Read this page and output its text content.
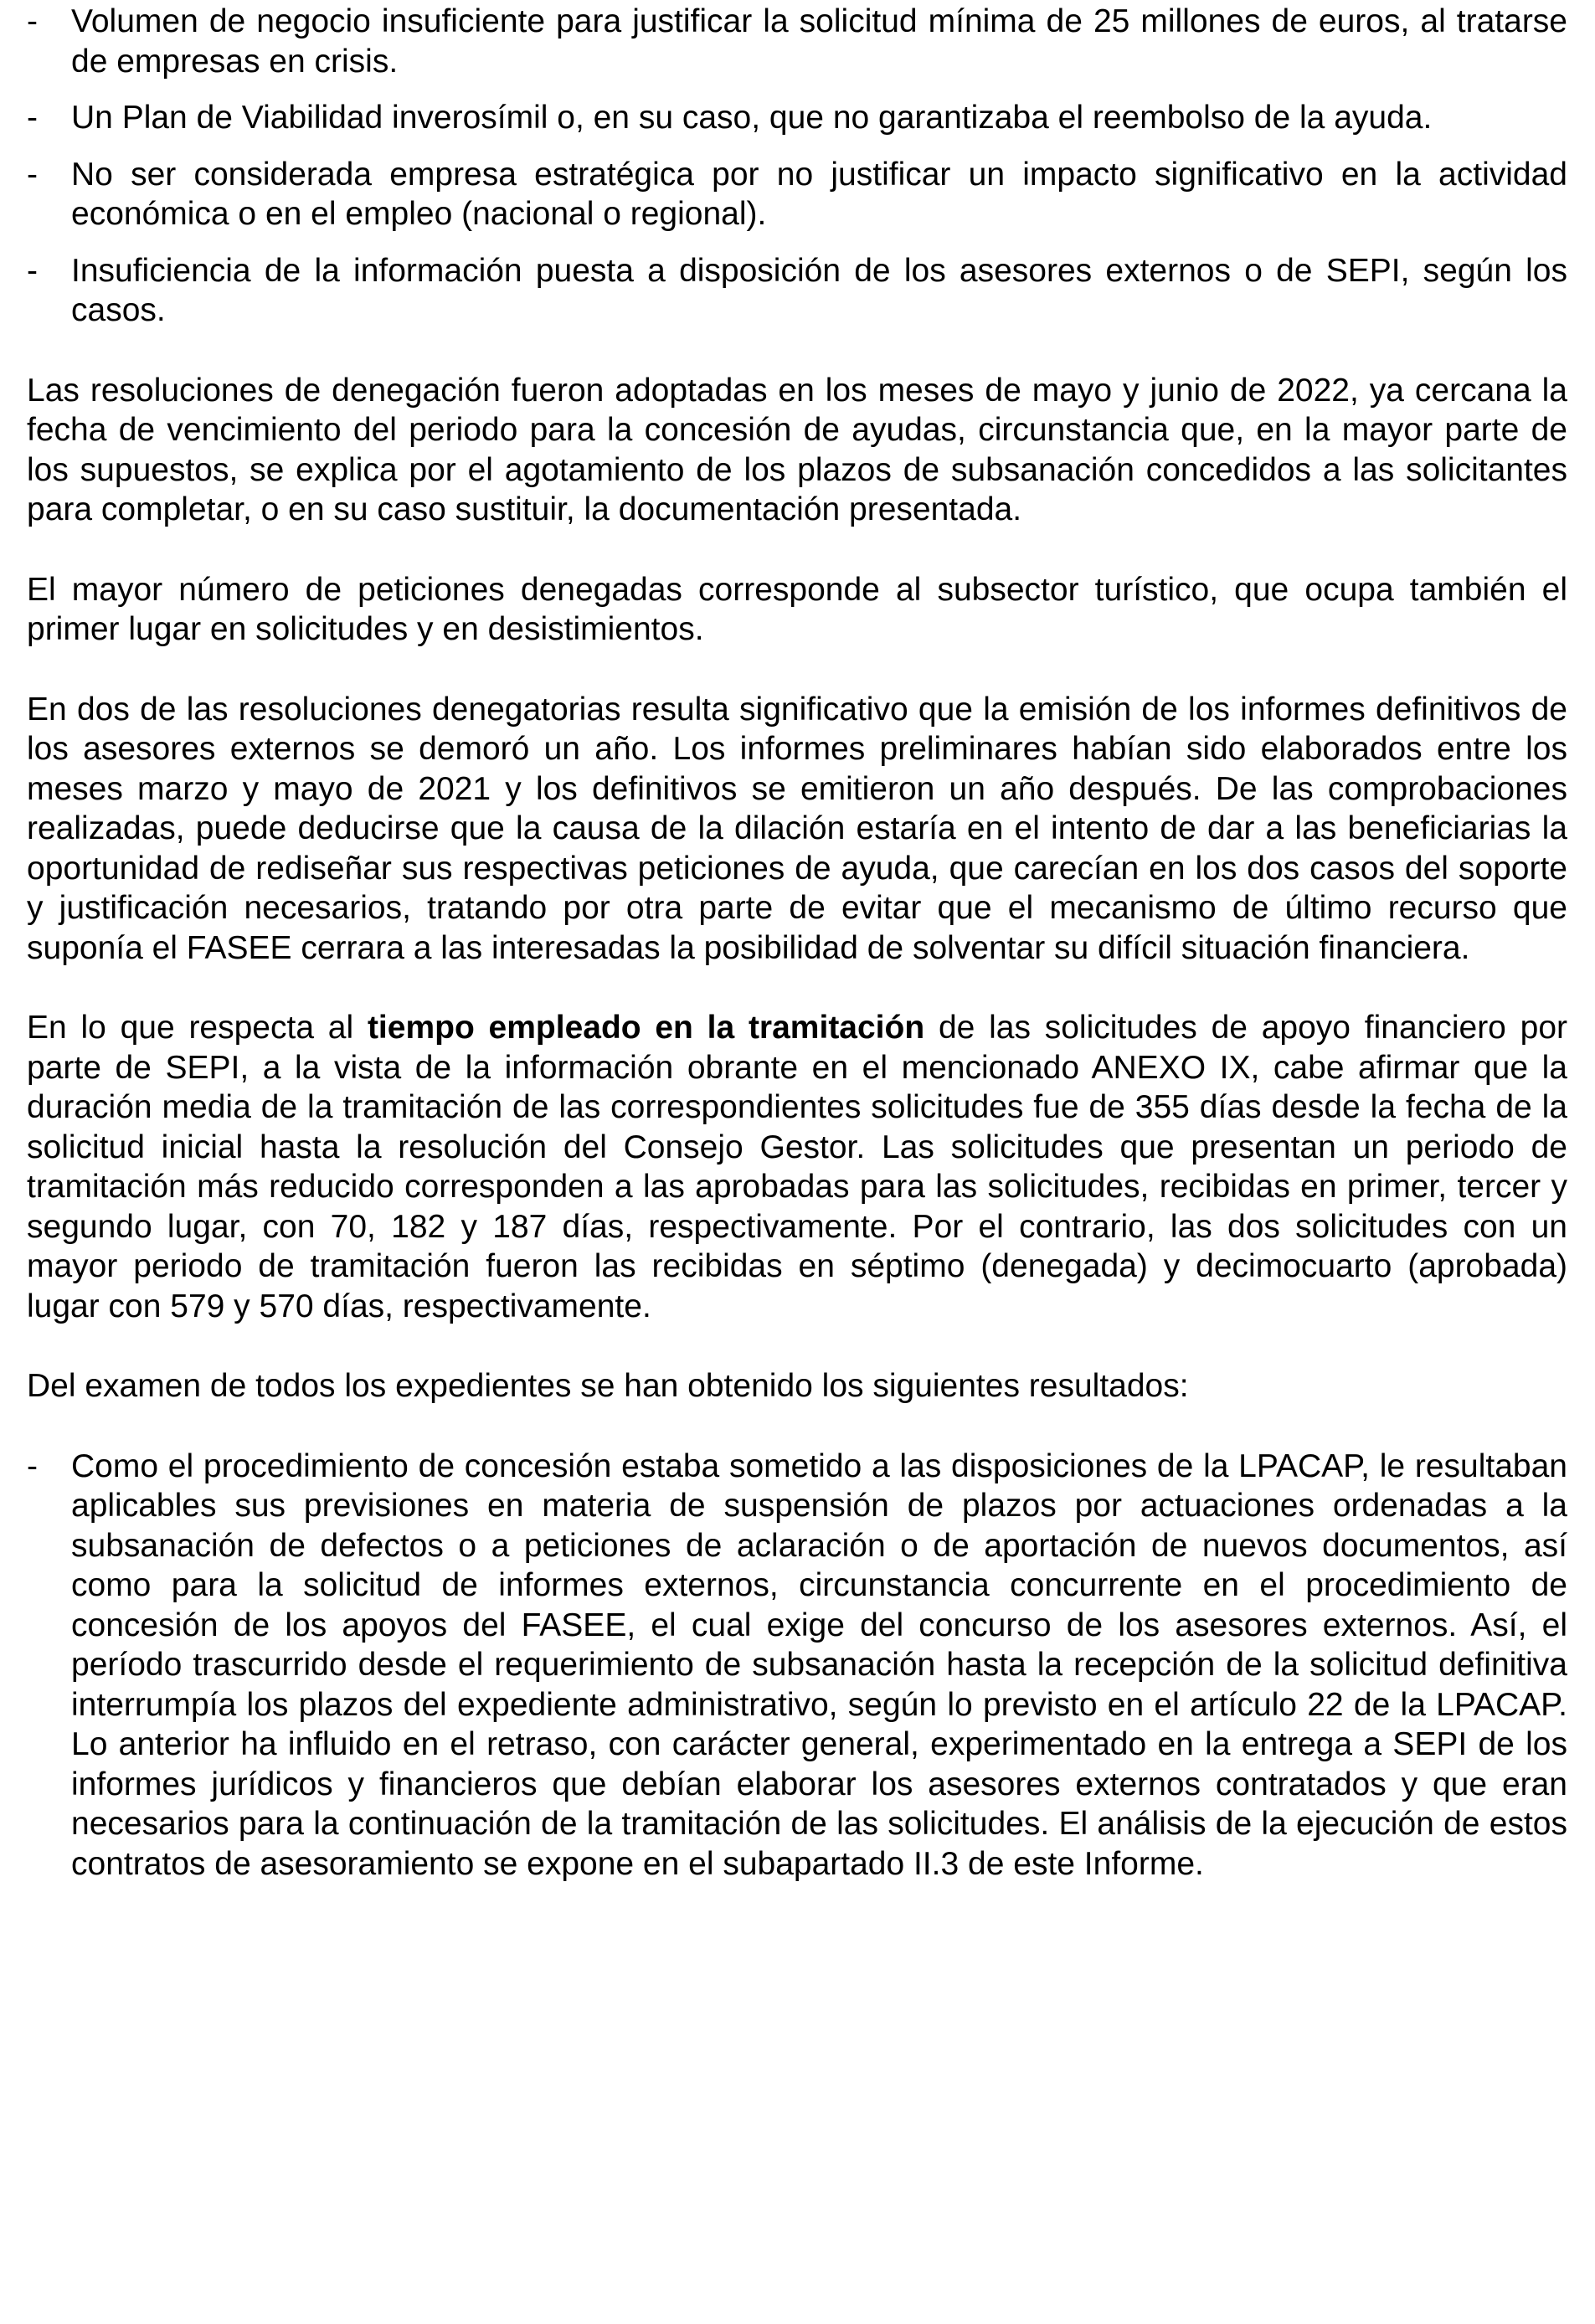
- Volumen de negocio insuficiente para justificar la solicitud mínima de 25 millones de euros, al tratarse de empresas en crisis.
- Un Plan de Viabilidad inverosímil o, en su caso, que no garantizaba el reembolso de la ayuda.
- No ser considerada empresa estratégica por no justificar un impacto significativo en la actividad económica o en el empleo (nacional o regional).
- Insuficiencia de la información puesta a disposición de los asesores externos o de SEPI, según los casos.

Las resoluciones de denegación fueron adoptadas en los meses de mayo y junio de 2022, ya cercana la fecha de vencimiento del periodo para la concesión de ayudas, circunstancia que, en la mayor parte de los supuestos, se explica por el agotamiento de los plazos de subsanación concedidos a las solicitantes para completar, o en su caso sustituir, la documentación presentada.

El mayor número de peticiones denegadas corresponde al subsector turístico, que ocupa también el primer lugar en solicitudes y en desistimientos.

En dos de las resoluciones denegatorias resulta significativo que la emisión de los informes definitivos de los asesores externos se demoró un año. Los informes preliminares habían sido elaborados entre los meses marzo y mayo de 2021 y los definitivos se emitieron un año después. De las comprobaciones realizadas, puede deducirse que la causa de la dilación estaría en el intento de dar a las beneficiarias la oportunidad de rediseñar sus respectivas peticiones de ayuda, que carecían en los dos casos del soporte y justificación necesarios, tratando por otra parte de evitar que el mecanismo de último recurso que suponía el FASEE cerrara a las interesadas la posibilidad de solventar su difícil situación financiera.

En lo que respecta al tiempo empleado en la tramitación de las solicitudes de apoyo financiero por parte de SEPI, a la vista de la información obrante en el mencionado ANEXO IX, cabe afirmar que la duración media de la tramitación de las correspondientes solicitudes fue de 355 días desde la fecha de la solicitud inicial hasta la resolución del Consejo Gestor. Las solicitudes que presentan un periodo de tramitación más reducido corresponden a las aprobadas para las solicitudes, recibidas en primer, tercer y segundo lugar, con 70, 182 y 187 días, respectivamente. Por el contrario, las dos solicitudes con un mayor periodo de tramitación fueron las recibidas en séptimo (denegada) y decimocuarto (aprobada) lugar con 579 y 570 días, respectivamente.

Del examen de todos los expedientes se han obtenido los siguientes resultados:

- Como el procedimiento de concesión estaba sometido a las disposiciones de la LPACAP, le resultaban aplicables sus previsiones en materia de suspensión de plazos por actuaciones ordenadas a la subsanación de defectos o a peticiones de aclaración o de aportación de nuevos documentos, así como para la solicitud de informes externos, circunstancia concurrente en el procedimiento de concesión de los apoyos del FASEE, el cual exige del concurso de los asesores externos. Así, el período trascurrido desde el requerimiento de subsanación hasta la recepción de la solicitud definitiva interrumpía los plazos del expediente administrativo, según lo previsto en el artículo 22 de la LPACAP. Lo anterior ha influido en el retraso, con carácter general, experimentado en la entrega a SEPI de los informes jurídicos y financieros que debían elaborar los asesores externos contratados y que eran necesarios para la continuación de la tramitación de las solicitudes. El análisis de la ejecución de estos contratos de asesoramiento se expone en el subapartado II.3 de este Informe.
